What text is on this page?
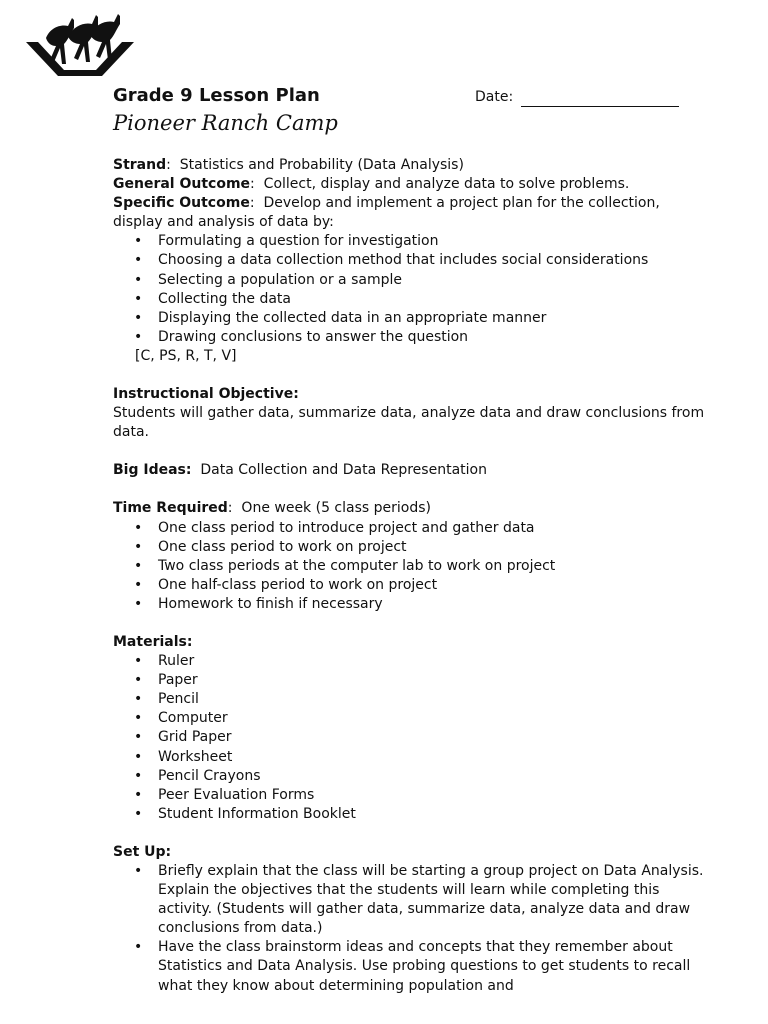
Grade 9 Lesson Plan	Date:
Pioneer Ranch Camp

Strand:  Statistics and Probability (Data Analysis)

General Outcome:  Collect, display and analyze data to solve problems.

Specific Outcome:  Develop and implement a project plan for the collection, display and analysis of data by:

• Formulating a question for investigation
• Choosing a data collection method that includes social considerations
• Selecting a population or a sample
• Collecting the data
• Displaying the collected data in an appropriate manner
• Drawing conclusions to answer the question

[C, PS, R, T, V]

Instructional Objective:

Students will gather data, summarize data, analyze data and draw conclusions from data.

Big Ideas: Data Collection and Data Representation

Time Required:  One week (5 class periods)

• One class period to introduce project and gather data
• One class period to work on project
• Two class periods at the computer lab to work on project
• One half-class period to work on project
• Homework to finish if necessary

Materials:

• Ruler
• Paper
• Pencil
• Computer
• Grid Paper
• Worksheet
• Pencil Crayons
• Peer Evaluation Forms
• Student Information Booklet

Set Up:

• Briefly explain that the class will be starting a group project on Data Analysis. Explain the objectives that the students will learn while completing this activity. (Students will gather data, summarize data, analyze data and draw conclusions from data.)
• Have the class brainstorm ideas and concepts that they remember about Statistics and Data Analysis. Use probing questions to get students to recall what they know about determining population and
